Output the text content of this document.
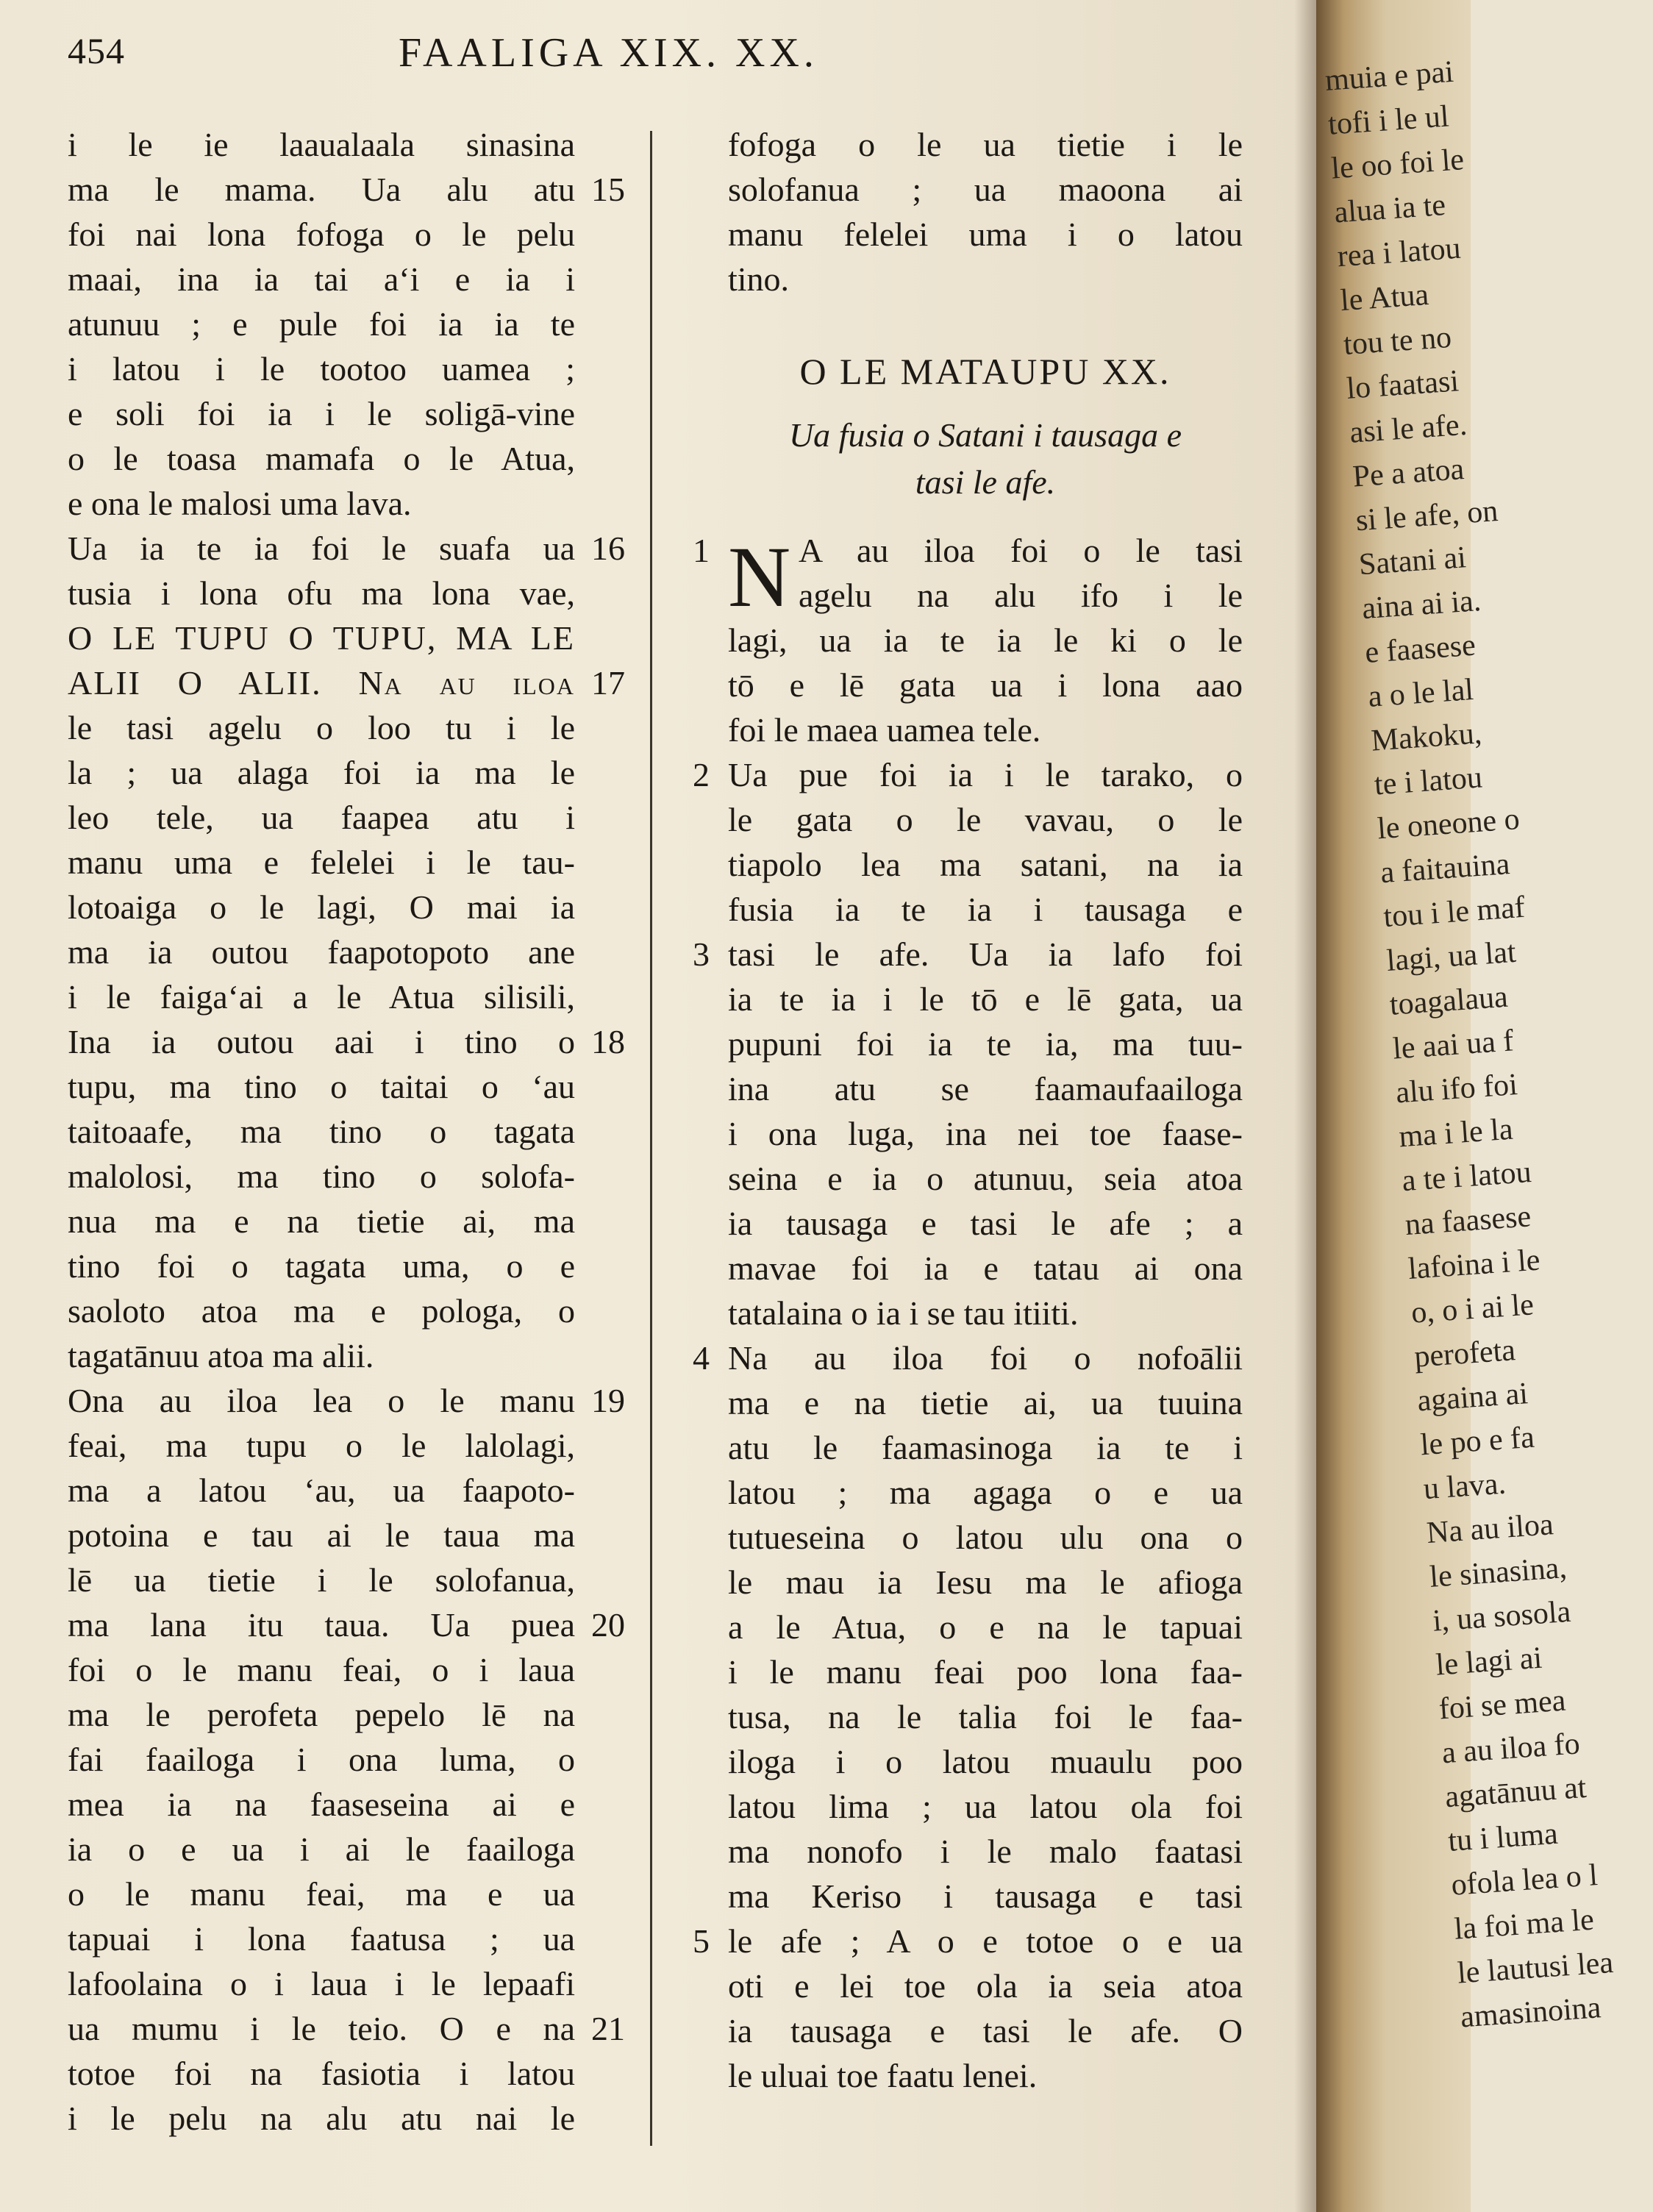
454	FAALIGA XIX. XX.
i le ie laaualaala sinasina
ma le mama. Ua alu atu 15
foi nai lona fofoga o le pelu
maai, ina ia tai a‘i e ia i
atunuu ; e pule foi ia ia te
i latou i le tootoo uamea ;
e soli foi ia i le soligā-vine
o le toasa mamafa o le Atua,
e ona le malosi uma lava.
Ua ia te ia foi le suafa ua 16
tusia i lona ofu ma lona vae,
O LE TUPU O TUPU, MA LE
ALII O ALII. Na au iloa 17
le tasi agelu o loo tu i le
la ; ua alaga foi ia ma le
leo tele, ua faapea atu i
manu uma e felelei i le tau-
lotoaiga o le lagi, O mai ia
ma ia outou faapotopoto ane
i le faiga‘ai a le Atua silisili,
Ina ia outou aai i tino o 18
tupu, ma tino o taitai o ‘au
taitoaafe, ma tino o tagata
malolosi, ma tino o solofa-
nua ma e na tietie ai, ma
tino foi o tagata uma, o e
saoloto atoa ma e pologa, o
tagatānuu atoa ma alii.
Ona au iloa lea o le manu 19
feai, ma tupu o le lalolagi,
ma a latou ‘au, ua faapoto-
potoina e tau ai le taua ma
lē ua tietie i le solofanua,
ma lana itu taua. Ua puea 20
foi o le manu feai, o i laua
ma le perofeta pepelo lē na
fai faailoga i ona luma, o
mea ia na faaseseina ai e
ia o e ua i ai le faailoga
o le manu feai, ma e ua
tapuai i lona faatusa ; ua
lafoolaina o i laua i le lepaafi
ua mumu i le teio. O e na 21
totoe foi na fasiotia i latou
i le pelu na alu atu nai le
fofoga o le ua tietie i le
solofanua ; ua maoona ai
manu felelei uma i o latou
tino.
O LE MATAUPU XX.
Ua fusia o Satani i tausaga e
tasi le afe.
A au iloa foi o le tasi
1 N agelu na alu ifo i le
lagi, ua ia te ia le ki o le
tō e lē gata ua i lona aao
foi le maea uamea tele.
Ua pue foi ia i le tarako, o
2
le gata o le vavau, o le
tiapolo lea ma satani, na ia
fusia ia te ia i tausaga e
tasi le afe. Ua ia lafo foi
3
ia te ia i le tō e lē gata, ua
pupuni foi ia te ia, ma tuu-
ina atu se faamaufaailoga
i ona luga, ina nei toe faase-
seina e ia o atunuu, seia atoa
ia tausaga e tasi le afe ; a
mavae foi ia e tatau ai ona
tatalaina o ia i se tau itiiti.
Na au iloa foi o nofoālii
4
ma e na tietie ai, ua tuuina
atu le faamasinoga ia te i
latou ; ma agaga o e ua
tutueseina o latou ulu ona o
le mau ia Iesu ma le afioga
a le Atua, o e na le tapuai
i le manu feai poo lona faa-
tusa, na le talia foi le faa-
iloga i o latou muaulu poo
latou lima ; ua latou ola foi
ma nonofo i le malo faatasi
ma Keriso i tausaga e tasi
le afe ; A o e totoe o e ua
5
oti e lei toe ola ia seia atoa
ia tausaga e tasi le afe. O
le uluai toe faatu lenei.
muia e pai
tofi i le ul
le oo foi le
alua ia te
rea i latou
le Atua
tou te no
lo faatasi
asi le afe.
Pe a atoa
si le afe, on
Satani ai
aina ai ia.
e faasese
a o le lal
Makoku,
te i latou
le oneone o
a faitauina
tou i le maf
lagi, ua lat
toagalaua
le aai ua f
alu ifo foi
ma i le la
a te i latou
na faasese
lafoina i le
o, o i ai le
perofeta
againa ai
le po e fa
u lava.
Na au iloa
le sinasina,
i, ua sosola
le lagi ai
foi se mea
a au iloa fo
agatānuu at
tu i luma
ofola lea o l
la foi ma le
le lautusi lea
amasinoina
